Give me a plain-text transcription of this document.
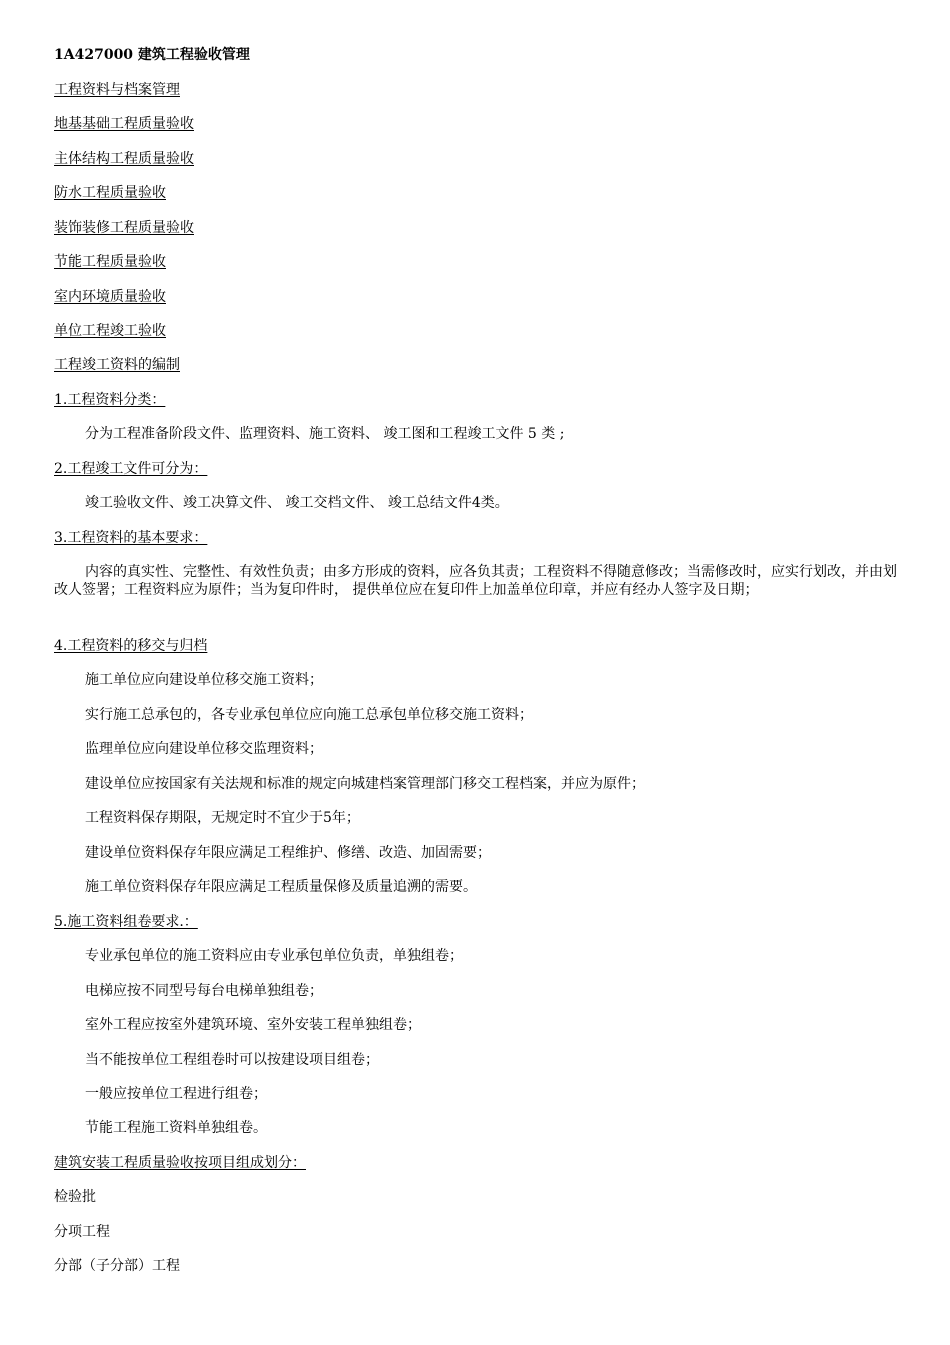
1A427000 建筑工程验收管理
工程资料与档案管理
地基基础工程质量验收
主体结构工程质量验收
防水工程质量验收
装饰装修工程质量验收
节能工程质量验收
室内环境质量验收
单位工程竣工验收
工程竣工资料的编制
1.工程资料分类：
分为工程准备阶段文件、监理资料、施工资料、 竣工图和工程竣工文件 5 类 ;
2.工程竣工文件可分为：
竣工验收文件、竣工决算文件、 竣工交档文件、 竣工总结文件4类。
3.工程资料的基本要求：
内容的真实性、完整性、有效性负责；由多方形成的资料，应各负其责；工程资料不得随意修改；当需修改时，应实行划改，并由划改人签署；工程资料应为原件；当为复印件时， 提供单位应在复印件上加盖单位印章，并应有经办人签字及日期；
4.工程资料的移交与归档
施工单位应向建设单位移交施工资料；
实行施工总承包的，各专业承包单位应向施工总承包单位移交施工资料；
监理单位应向建设单位移交监理资料；
建设单位应按国家有关法规和标准的规定向城建档案管理部门移交工程档案，并应为原件；
工程资料保存期限，无规定时不宜少于5年；
建设单位资料保存年限应满足工程维护、修缮、改造、加固需要；
施工单位资料保存年限应满足工程质量保修及质量追溯的需要。
5.施工资料组卷要求.：
专业承包单位的施工资料应由专业承包单位负责，单独组卷；
电梯应按不同型号每台电梯单独组卷；
室外工程应按室外建筑环境、室外安装工程单独组卷；
当不能按单位工程组卷时可以按建设项目组卷；
一般应按单位工程进行组卷；
节能工程施工资料单独组卷。
建筑安装工程质量验收按项目组成划分：
检验批
分项工程
分部（子分部）工程
